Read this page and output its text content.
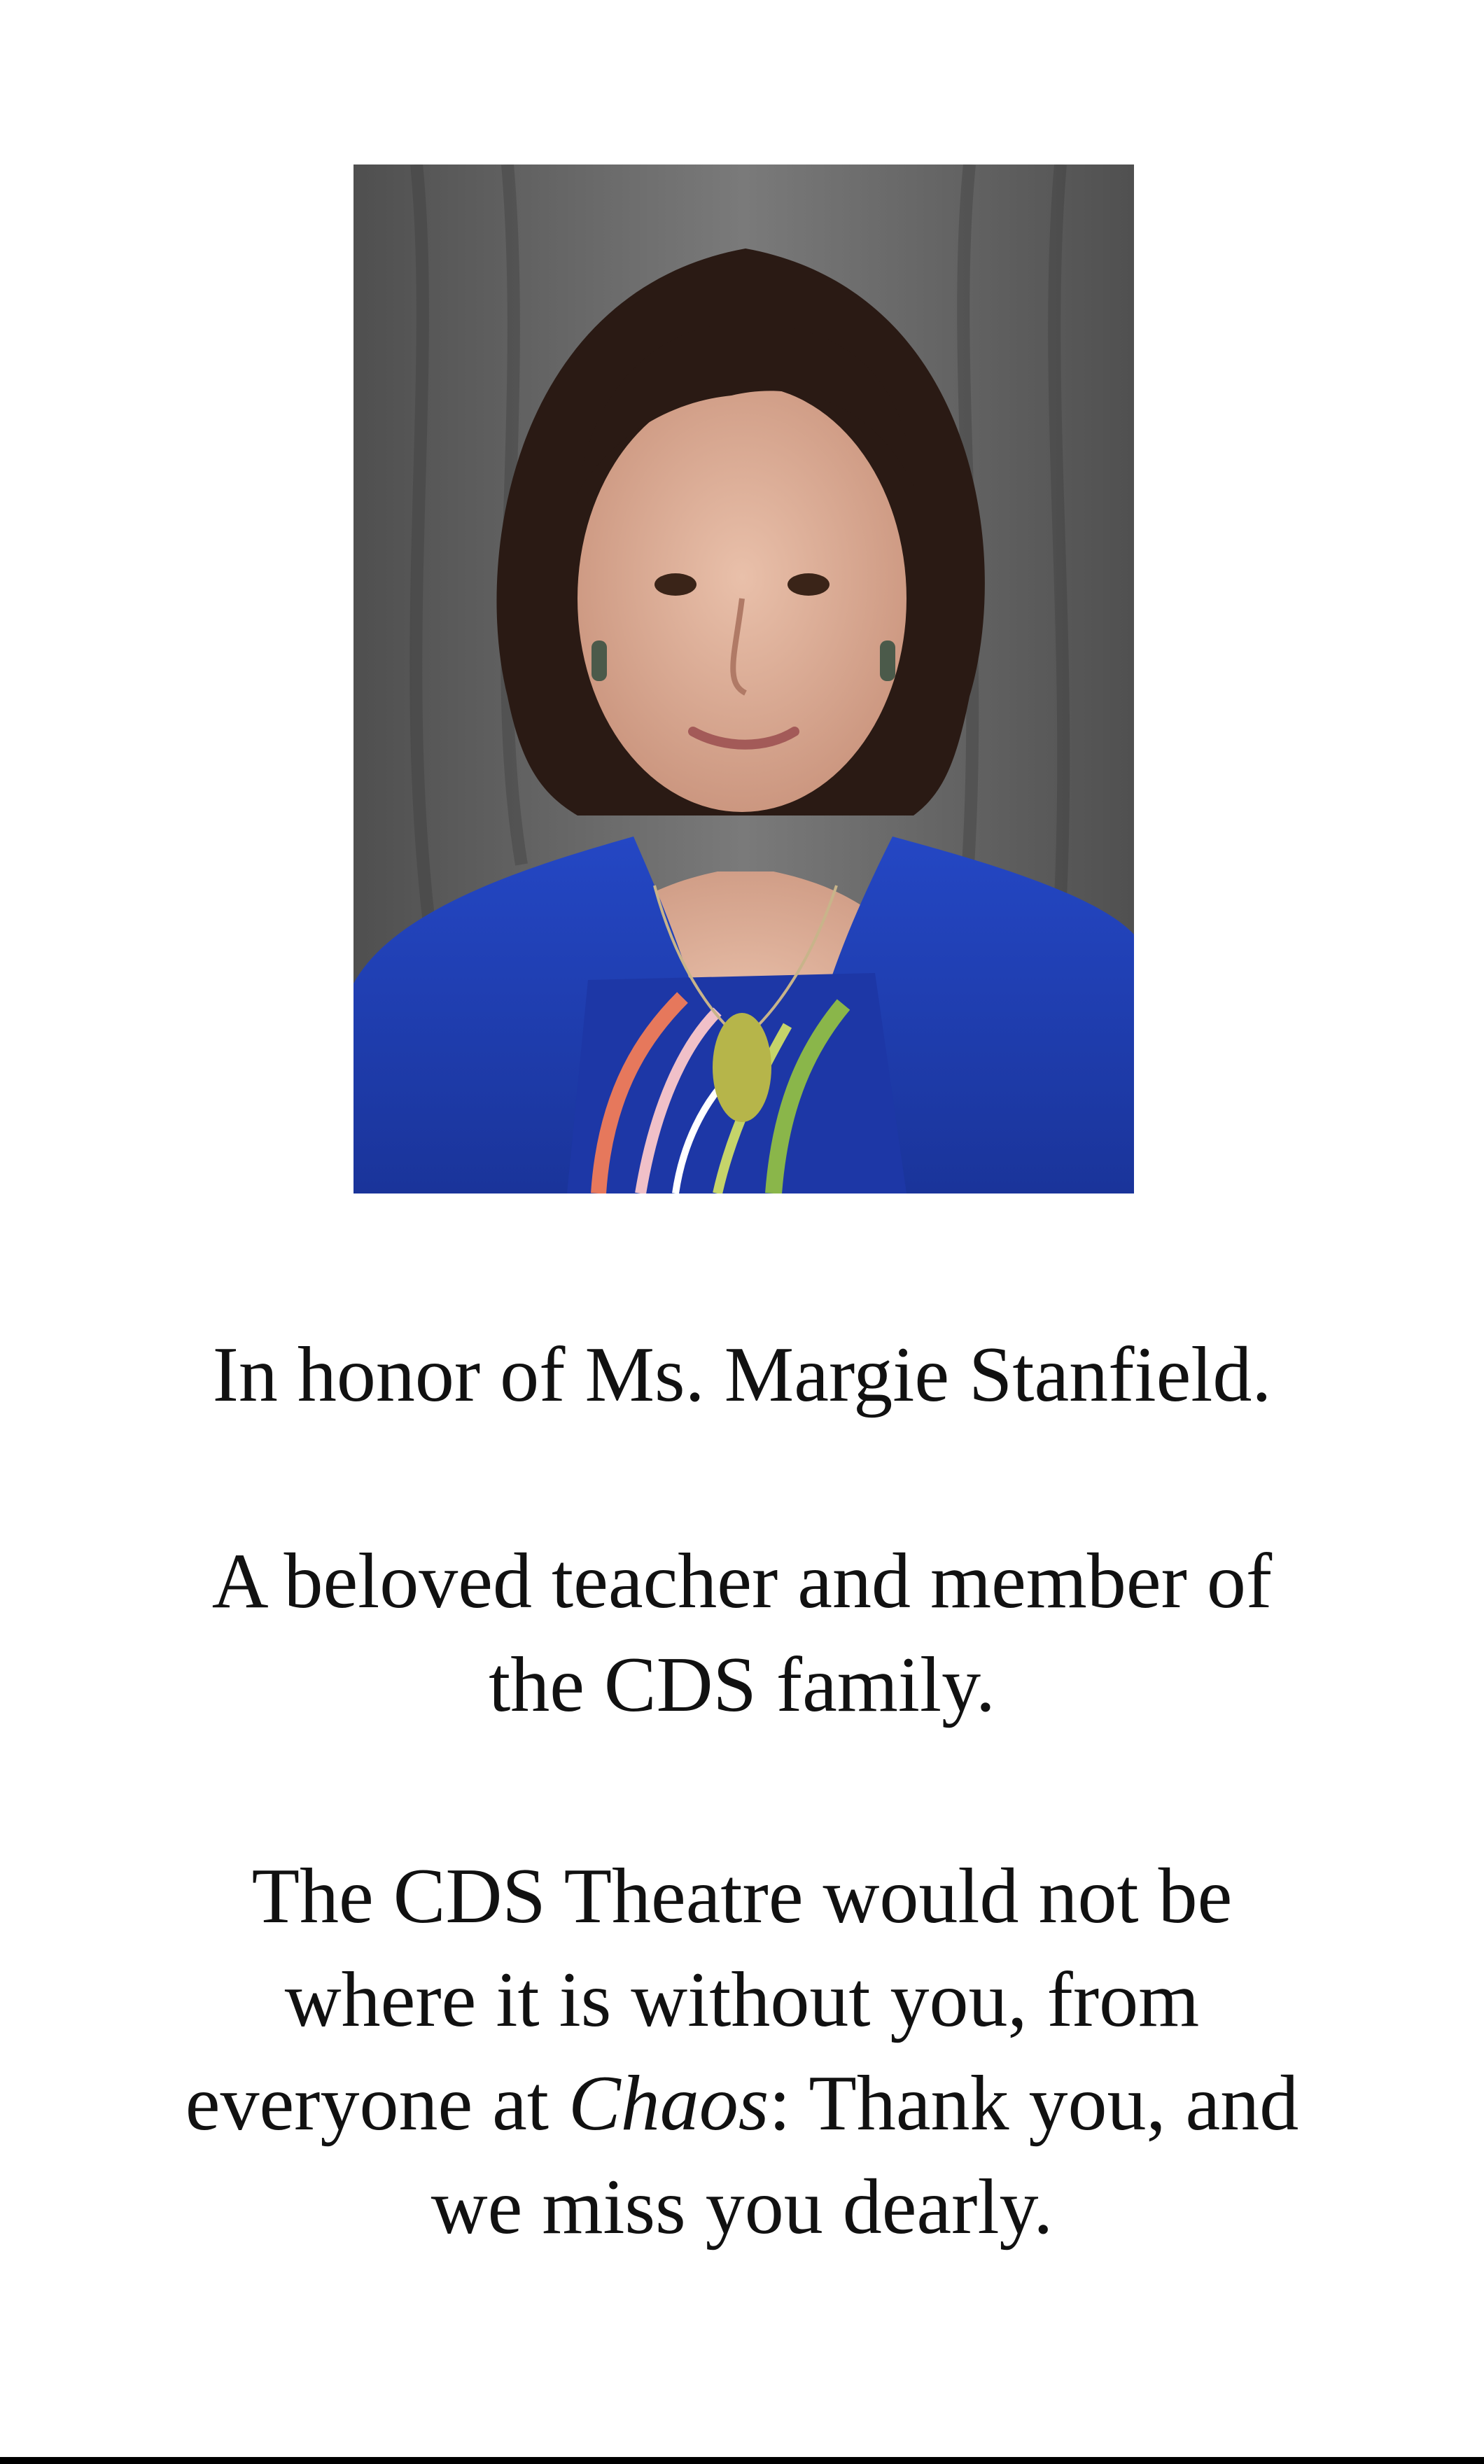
In honor of Ms. Margie Stanfield.

A beloved teacher and member of
the CDS family.

The CDS Theatre would not be
where it is without you, from
everyone at Chaos: Thank you, and
we miss you dearly.
